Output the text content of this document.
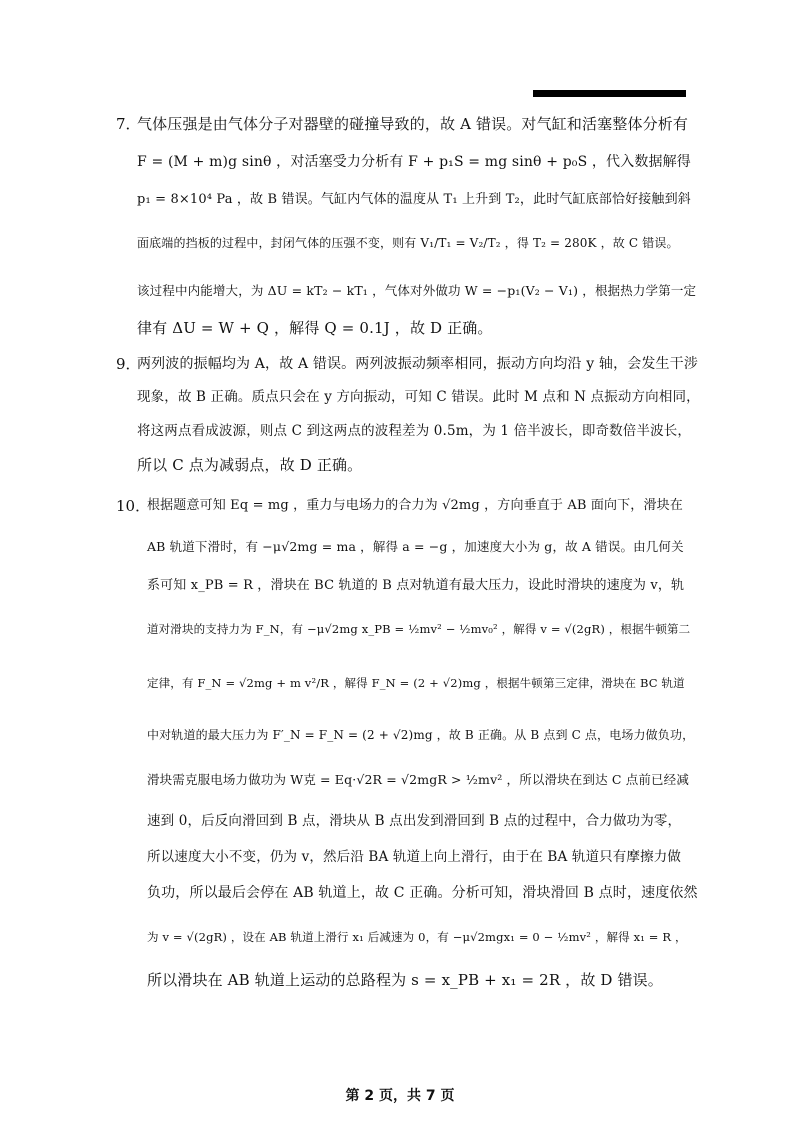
7．
气体压强是由气体分子对器壁的碰撞导致的，故 A 错误。对气缸和活塞整体分析有
F = (M + m)g sinθ ，对活塞受力分析有 F + p₁S = mg sinθ + p₀S ，代入数据解得
p₁ = 8×10⁴ Pa ，故 B 错误。气缸内气体的温度从 T₁ 上升到 T₂，此时气缸底部恰好接触到斜
面底端的挡板的过程中，封闭气体的压强不变，则有 V₁/T₁ = V₂/T₂ ，得 T₂ = 280K ，故 C 错误。
该过程中内能增大，为 ΔU = kT₂ − kT₁ ，气体对外做功 W = −p₁(V₂ − V₁) ，根据热力学第一定
律有 ΔU = W + Q ，解得 Q = 0.1J ，故 D 正确。
9．
两列波的振幅均为 A，故 A 错误。两列波振动频率相同，振动方向均沿 y 轴，会发生干涉
现象，故 B 正确。质点只会在 y 方向振动，可知 C 错误。此时 M 点和 N 点振动方向相同，
将这两点看成波源，则点 C 到这两点的波程差为 0.5m，为 1 倍半波长，即奇数倍半波长，
所以 C 点为减弱点，故 D 正确。
10．
根据题意可知 Eq = mg ，重力与电场力的合力为 √2mg ，方向垂直于 AB 面向下，滑块在
AB 轨道下滑时，有 −μ√2mg = ma ，解得 a = −g ，加速度大小为 g，故 A 错误。由几何关
系可知 x_PB = R ，滑块在 BC 轨道的 B 点对轨道有最大压力，设此时滑块的速度为 v，轨
道对滑块的支持力为 F_N，有 −μ√2mg x_PB = ½mv² − ½mv₀² ，解得 v = √(2gR) ，根据牛顿第二
定律，有 F_N = √2mg + m v²/R ，解得 F_N = (2 + √2)mg ，根据牛顿第三定律，滑块在 BC 轨道
中对轨道的最大压力为 F′_N = F_N = (2 + √2)mg ，故 B 正确。从 B 点到 C 点，电场力做负功，
滑块需克服电场力做功为 W克 = Eq·√2R = √2mgR > ½mv² ，所以滑块在到达 C 点前已经减
速到 0，后反向滑回到 B 点，滑块从 B 点出发到滑回到 B 点的过程中，合力做功为零，
所以速度大小不变，仍为 v，然后沿 BA 轨道上向上滑行，由于在 BA 轨道只有摩擦力做
负功，所以最后会停在 AB 轨道上，故 C 正确。分析可知，滑块滑回 B 点时，速度依然
为 v = √(2gR) ，设在 AB 轨道上滑行 x₁ 后减速为 0，有 −μ√2mgx₁ = 0 − ½mv² ，解得 x₁ = R ，
所以滑块在 AB 轨道上运动的总路程为 s = x_PB + x₁ = 2R ，故 D 错误。
第 2 页，共 7 页
